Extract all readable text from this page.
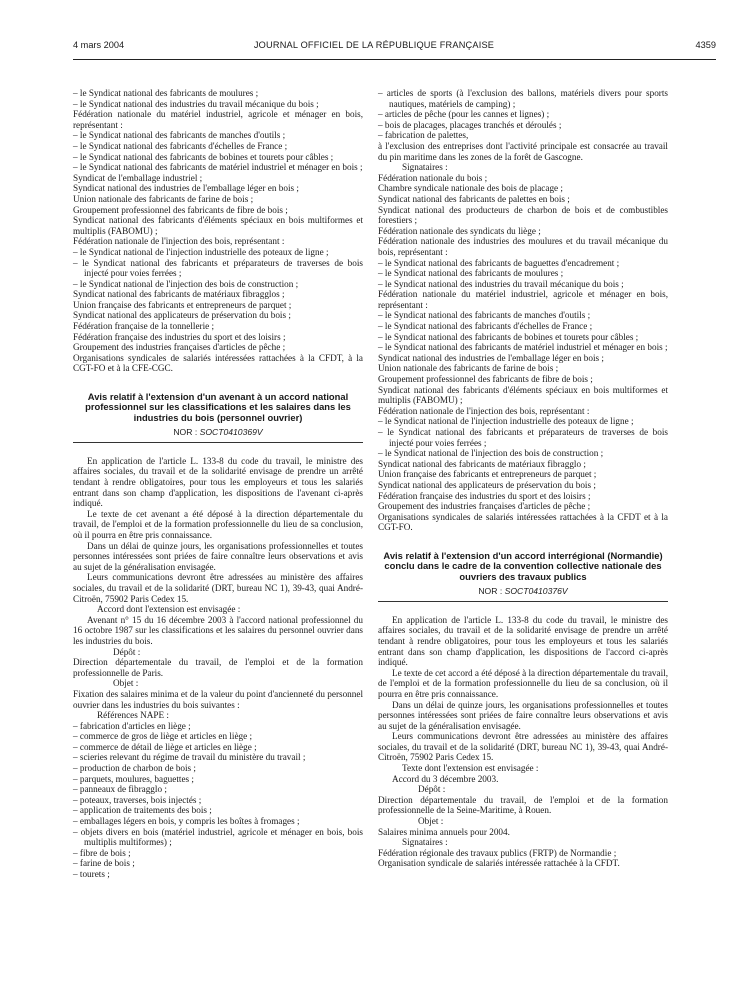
4 mars 2004	JOURNAL OFFICIEL DE LA RÉPUBLIQUE FRANÇAISE	4359

– le Syndicat national des fabricants de moulures ;

– le Syndicat national des industries du travail mécanique du bois ;

Fédération nationale du matériel industriel, agricole et ménager en bois, représentant :

– le Syndicat national des fabricants de manches d'outils ;

– le Syndicat national des fabricants d'échelles de France ;

– le Syndicat national des fabricants de bobines et tourets pour câbles ;

– le Syndicat national des fabricants de matériel industriel et ménager en bois ;

Syndicat de l'emballage industriel ;

Syndicat national des industries de l'emballage léger en bois ;

Union nationale des fabricants de farine de bois ;

Groupement professionnel des fabricants de fibre de bois ;

Syndicat national des fabricants d'éléments spéciaux en bois multiformes et multiplis (FABOMU) ;

Fédération nationale de l'injection des bois, représentant :

– le Syndicat national de l'injection industrielle des poteaux de ligne ;

– le Syndicat national des fabricants et préparateurs de traverses de bois injecté pour voies ferrées ;

– le Syndicat national de l'injection des bois de construction ;

Syndicat national des fabricants de matériaux fibragglos ;

Union française des fabricants et entrepreneurs de parquet ;

Syndicat national des applicateurs de préservation du bois ;

Fédération française de la tonnellerie ;

Fédération française des industries du sport et des loisirs ;

Groupement des industries françaises d'articles de pêche ;

Organisations syndicales de salariés intéressées rattachées à la CFDT, à la CGT-FO et à la CFE-CGC.

Avis relatif à l'extension d'un avenant à un accord national professionnel sur les classifications et les salaires dans les industries du bois (personnel ouvrier)

NOR : SOCT0410369V

En application de l'article L. 133-8 du code du travail, le ministre des affaires sociales, du travail et de la solidarité envisage de prendre un arrêté tendant à rendre obligatoires, pour tous les employeurs et tous les salariés entrant dans son champ d'application, les dispositions de l'avenant ci-après indiqué.

Le texte de cet avenant a été déposé à la direction départementale du travail, de l'emploi et de la formation professionnelle du lieu de sa conclusion, où il pourra en être pris connaissance.

Dans un délai de quinze jours, les organisations professionnelles et toutes personnes intéressées sont priées de faire connaître leurs observations et avis au sujet de la généralisation envisagée.

Leurs communications devront être adressées au ministère des affaires sociales, du travail et de la solidarité (DRT, bureau NC 1), 39-43, quai André-Citroën, 75902 Paris Cedex 15.

Accord dont l'extension est envisagée :

Avenant n° 15 du 16 décembre 2003 à l'accord national professionnel du 16 octobre 1987 sur les classifications et les salaires du personnel ouvrier dans les industries du bois.

Dépôt :

Direction départementale du travail, de l'emploi et de la formation professionnelle de Paris.

Objet :

Fixation des salaires minima et de la valeur du point d'ancienneté du personnel ouvrier dans les industries du bois suivantes :

Références NAPE :

– fabrication d'articles en liège ;

– commerce de gros de liège et articles en liège ;

– commerce de détail de liège et articles en liège ;

– scieries relevant du régime de travail du ministère du travail ;

– production de charbon de bois ;

– parquets, moulures, baguettes ;

– panneaux de fibragglo ;

– poteaux, traverses, bois injectés ;

– application de traitements des bois ;

– emballages légers en bois, y compris les boîtes à fromages ;

– objets divers en bois (matériel industriel, agricole et ménager en bois, bois multiplis multiformes) ;

– fibre de bois ;

– farine de bois ;

– tourets ;

– articles de sports (à l'exclusion des ballons, matériels divers pour sports nautiques, matériels de camping) ;

– articles de pêche (pour les cannes et lignes) ;

– bois de placages, placages tranchés et déroulés ;

– fabrication de palettes,

à l'exclusion des entreprises dont l'activité principale est consacrée au travail du pin maritime dans les zones de la forêt de Gascogne.

Signataires :

Fédération nationale du bois ;

Chambre syndicale nationale des bois de placage ;

Syndicat national des fabricants de palettes en bois ;

Syndicat national des producteurs de charbon de bois et de combustibles forestiers ;

Fédération nationale des syndicats du liège ;

Fédération nationale des industries des moulures et du travail mécanique du bois, représentant :

– le Syndicat national des fabricants de baguettes d'encadrement ;

– le Syndicat national des fabricants de moulures ;

– le Syndicat national des industries du travail mécanique du bois ;

Fédération nationale du matériel industriel, agricole et ménager en bois, représentant :

– le Syndicat national des fabricants de manches d'outils ;

– le Syndicat national des fabricants d'échelles de France ;

– le Syndicat national des fabricants de bobines et tourets pour câbles ;

– le Syndicat national des fabricants de matériel industriel et ménager en bois ;

Syndicat national des industries de l'emballage léger en bois ;

Union nationale des fabricants de farine de bois ;

Groupement professionnel des fabricants de fibre de bois ;

Syndicat national des fabricants d'éléments spéciaux en bois multiformes et multiplis (FABOMU) ;

Fédération nationale de l'injection des bois, représentant :

– le Syndicat national de l'injection industrielle des poteaux de ligne ;

– le Syndicat national des fabricants et préparateurs de traverses de bois injecté pour voies ferrées ;

– le Syndicat national de l'injection des bois de construction ;

Syndicat national des fabricants de matériaux fibragglo ;

Union française des fabricants et entrepreneurs de parquet ;

Syndicat national des applicateurs de préservation du bois ;

Fédération française des industries du sport et des loisirs ;

Groupement des industries françaises d'articles de pêche ;

Organisations syndicales de salariés intéressées rattachées à la CFDT et à la CGT-FO.

Avis relatif à l'extension d'un accord interrégional (Normandie) conclu dans le cadre de la convention collective nationale des ouvriers des travaux publics

NOR : SOCT0410376V

En application de l'article L. 133-8 du code du travail, le ministre des affaires sociales, du travail et de la solidarité envisage de prendre un arrêté tendant à rendre obligatoires, pour tous les employeurs et tous les salariés entrant dans son champ d'application, les dispositions de l'accord ci-après indiqué.

Le texte de cet accord a été déposé à la direction départementale du travail, de l'emploi et de la formation professionnelle du lieu de sa conclusion, où il pourra en être pris connaissance.

Dans un délai de quinze jours, les organisations professionnelles et toutes personnes intéressées sont priées de faire connaître leurs observations et avis au sujet de la généralisation envisagée.

Leurs communications devront être adressées au ministère des affaires sociales, du travail et de la solidarité (DRT, bureau NC 1), 39-43, quai André-Citroën, 75902 Paris Cedex 15.

Texte dont l'extension est envisagée :

Accord du 3 décembre 2003.

Dépôt :

Direction départementale du travail, de l'emploi et de la formation professionnelle de la Seine-Maritime, à Rouen.

Objet :

Salaires minima annuels pour 2004.

Signataires :

Fédération régionale des travaux publics (FRTP) de Normandie ;

Organisation syndicale de salariés intéressée rattachée à la CFDT.
